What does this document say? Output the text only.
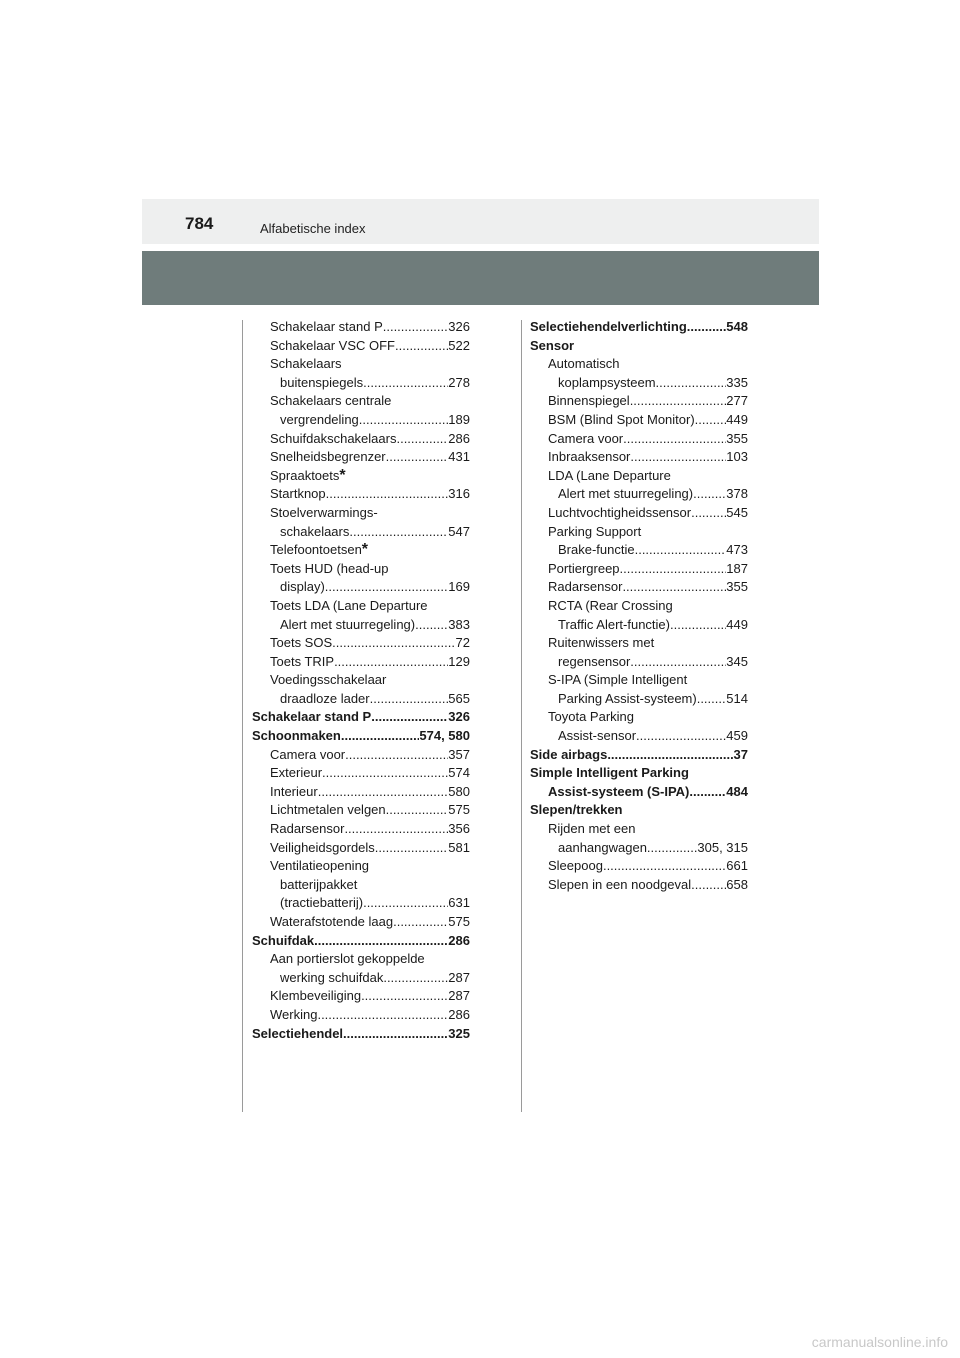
784	Alfabetische index
Schakelaar stand P .....	326
Schakelaar VSC OFF .....	522
Schakelaars
buitenspiegels .....	278
Schakelaars centrale
vergrendeling .....	189
Schuifdakschakelaars .....	286
Snelheidsbegrenzer .....	431
Spraaktoets *
Startknop .....	316
Stoelverwarmings-
schakelaars .....	547
Telefoontoetsen *
Toets HUD (head-up
display) .....	169
Toets LDA (Lane Departure
Alert met stuurregeling) .....	383
Toets SOS .....	72
Toets TRIP .....	129
Voedingsschakelaar
draadloze lader .....	565
Schakelaar stand P .....	326
Schoonmaken .....	574, 580
Camera voor .....	357
Exterieur .....	574
Interieur .....	580
Lichtmetalen velgen .....	575
Radarsensor .....	356
Veiligheidsgordels .....	581
Ventilatieopening
batterijpakket
(tractiebatterij) .....	631
Waterafstotende laag .....	575
Schuifdak .....	286
Aan portierslot gekoppelde
werking schuifdak .....	287
Klembeveiliging .....	287
Werking .....	286
Selectiehendel .....	325
Selectiehendelverlichting .....	548
Sensor
Automatisch
koplampsysteem .....	335
Binnenspiegel .....	277
BSM (Blind Spot Monitor) ..... 449
Camera voor .....	355
Inbraaksensor .....	103
LDA (Lane Departure
Alert met stuurregeling) .....	378
Luchtvochtigheidssensor .....	545
Parking Support
Brake-functie .....	473
Portiergreep .....	187
Radarsensor .....	355
RCTA (Rear Crossing
Traffic Alert-functie) .....	449
Ruitenwissers met
regensensor .....	345
S-IPA (Simple Intelligent
Parking Assist-systeem) ..... 514
Toyota Parking
Assist-sensor .....	459
Side airbags .....	37
Simple Intelligent Parking
Assist-systeem (S-IPA) .....	484
Slepen/trekken
Rijden met een
aanhangwagen .....	305, 315
Sleepoog .....	661
Slepen in een noodgeval .....	658
carmanualsonline.info
